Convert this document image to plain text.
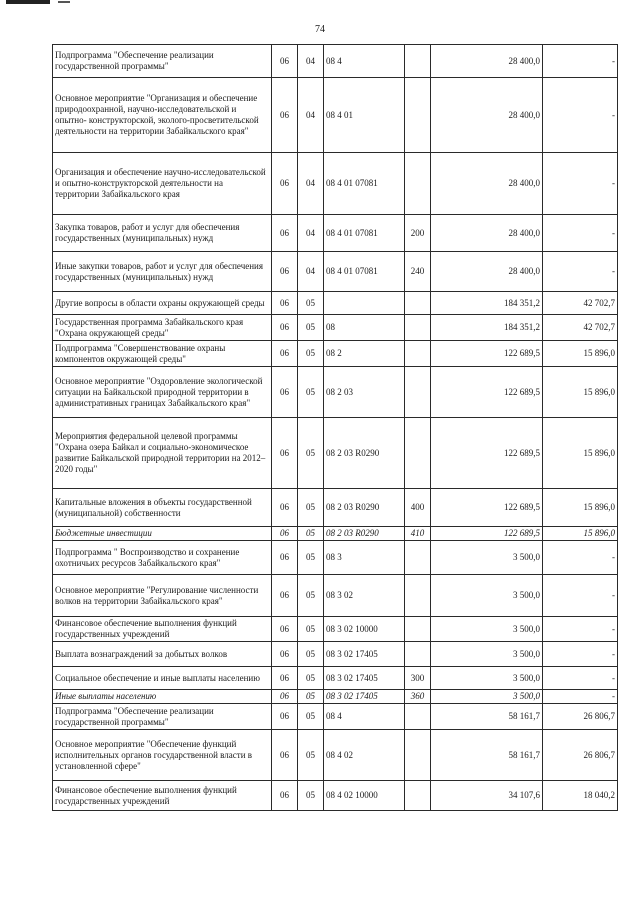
74
Подпрограмма "Обеспечение реализации государственной программы"	06	04	08 4		28 400,0	-
Основное мероприятие "Организация и обеспечение природоохранной, научно-исследовательской и опытно- конструкторской, эколого-просветительской деятельности на территории Забайкальского края"	06	04	08 4 01		28 400,0	-
Организация и обеспечение научно-исследовательской и опытно-конструкторской деятельности на территории Забайкальского края	06	04	08 4 01 07081		28 400,0	-
Закупка товаров, работ и услуг для обеспечения государственных (муниципальных) нужд	06	04	08 4 01 07081	200	28 400,0	-
Иные закупки товаров, работ и услуг для обеспечения государственных (муниципальных) нужд	06	04	08 4 01 07081	240	28 400,0	-
Другие вопросы в области охраны окружающей среды	06	05			184 351,2	42 702,7
Государственная программа Забайкальского края "Охрана окружающей среды"	06	05	08		184 351,2	42 702,7
Подпрограмма "Совершенствование охраны компонентов окружающей среды"	06	05	08 2		122 689,5	15 896,0
Основное мероприятие "Оздоровление экологической ситуации на Байкальской природной территории в административных границах Забайкальского края"	06	05	08 2 03		122 689,5	15 896,0
Мероприятия федеральной целевой программы "Охрана озера Байкал и социально-экономическое развитие Байкальской природной территории на 2012–2020 годы"	06	05	08 2 03 R0290		122 689,5	15 896,0
Капитальные вложения в объекты государственной (муниципальной) собственности	06	05	08 2 03 R0290	400	122 689,5	15 896,0
Бюджетные инвестиции	06	05	08 2 03 R0290	410	122 689,5	15 896,0
Подпрограмма " Воспроизводство и сохранение охотничьих ресурсов Забайкальского края"	06	05	08 3		3 500,0	-
Основное мероприятие "Регулирование численности волков на территории Забайкальского края"	06	05	08 3 02		3 500,0	-
Финансовое обеспечение выполнения функций государственных учреждений	06	05	08 3 02 10000		3 500,0	-
Выплата вознаграждений за добытых волков	06	05	08 3 02 17405		3 500,0	-
Социальное обеспечение и иные выплаты населению	06	05	08 3 02 17405	300	3 500,0	-
Иные выплаты населению	06	05	08 3 02 17405	360	3 500,0	-
Подпрограмма "Обеспечение реализации государственной программы"	06	05	08 4		58 161,7	26 806,7
Основное мероприятие "Обеспечение функций исполнительных органов государственной власти в установленной сфере"	06	05	08 4 02		58 161,7	26 806,7
Финансовое обеспечение выполнения функций государственных учреждений	06	05	08 4 02 10000		34 107,6	18 040,2
